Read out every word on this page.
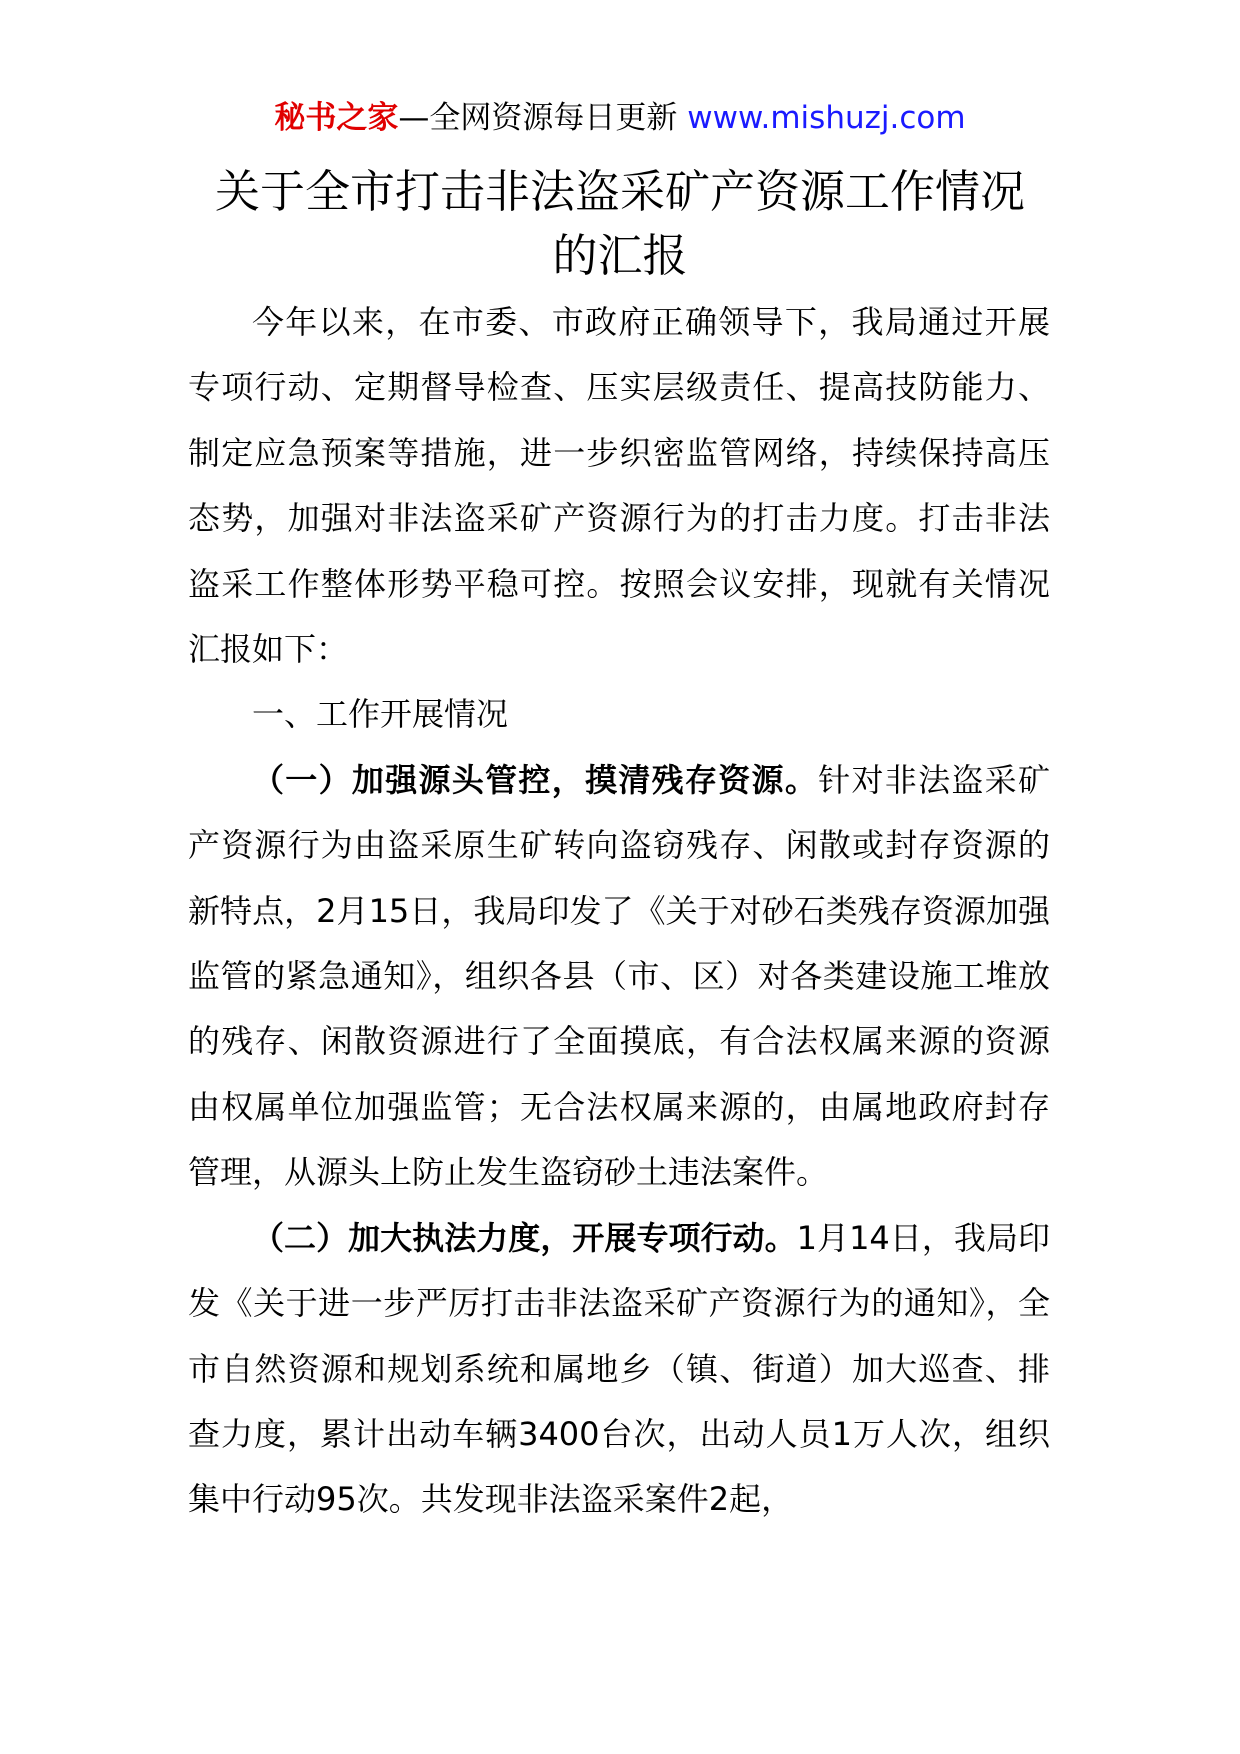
秘书之家—全网资源每日更新 www.mishuzj.com
关于全市打击非法盗采矿产资源工作情况
的汇报

今年以来，在市委、市政府正确领导下，我局通过开展专项行动、定期督导检查、压实层级责任、提高技防能力、制定应急预案等措施，进一步织密监管网络，持续保持高压态势，加强对非法盗采矿产资源行为的打击力度。打击非法盗采工作整体形势平稳可控。按照会议安排，现就有关情况汇报如下：

一、工作开展情况

（一）加强源头管控，摸清残存资源。针对非法盗采矿产资源行为由盗采原生矿转向盗窃残存、闲散或封存资源的新特点，2月15日，我局印发了《关于对砂石类残存资源加强监管的紧急通知》，组织各县（市、区）对各类建设施工堆放的残存、闲散资源进行了全面摸底，有合法权属来源的资源由权属单位加强监管；无合法权属来源的，由属地政府封存管理，从源头上防止发生盗窃砂土违法案件。

（二）加大执法力度，开展专项行动。1月14日，我局印发《关于进一步严厉打击非法盗采矿产资源行为的通知》，全市自然资源和规划系统和属地乡（镇、街道）加大巡查、排查力度，累计出动车辆3400台次，出动人员1万人次，组织集中行动95次。共发现非法盗采案件2起，
